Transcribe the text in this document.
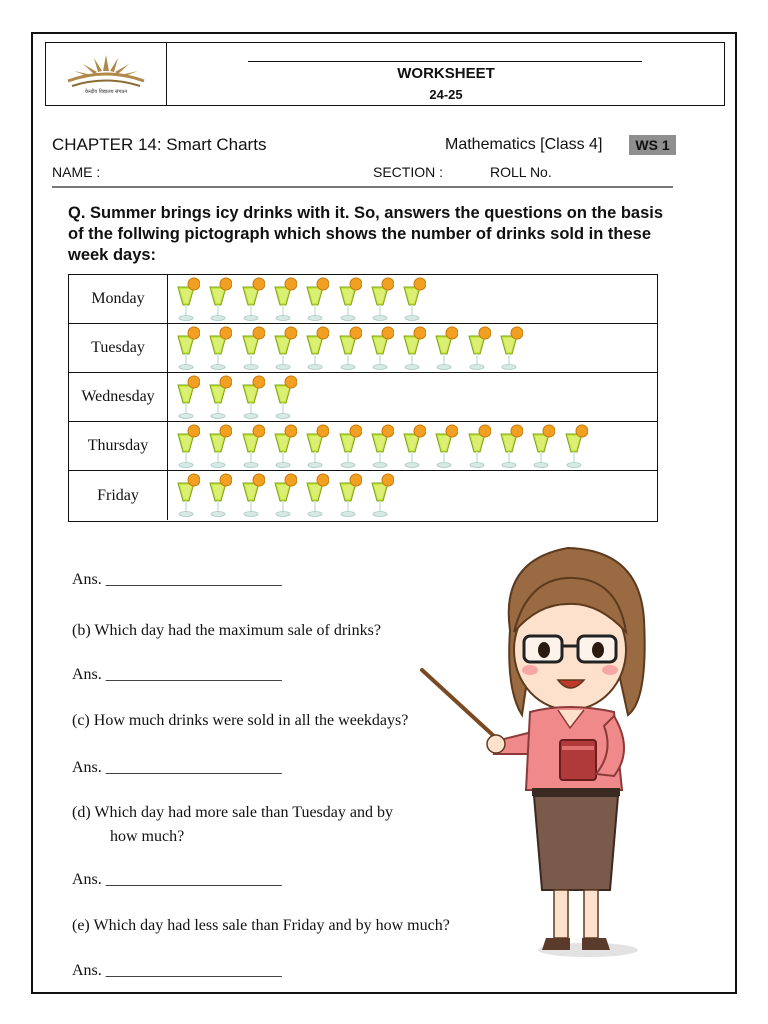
केन्द्रीय विद्यालय संगठन
WORKSHEET
24-25
CHAPTER 14: Smart Charts	Mathematics [Class 4]	WS 1
NAME :	SECTION :	ROLL No.
Q. Summer brings icy drinks with it. So, answers the questions on the basis of the follwing pictograph which shows the number of drinks sold in these week days:
Monday
Tuesday
Wednesday
Thursday
Friday
Ans. ______________________
(b) Which day had the maximum sale of drinks?
Ans. ______________________
(c) How much drinks were sold in all the weekdays?
Ans. ______________________
(d) Which day had more sale than Tuesday and by
how much?
Ans. ______________________
(e) Which day had less sale than Friday and by how much?
Ans. ______________________
